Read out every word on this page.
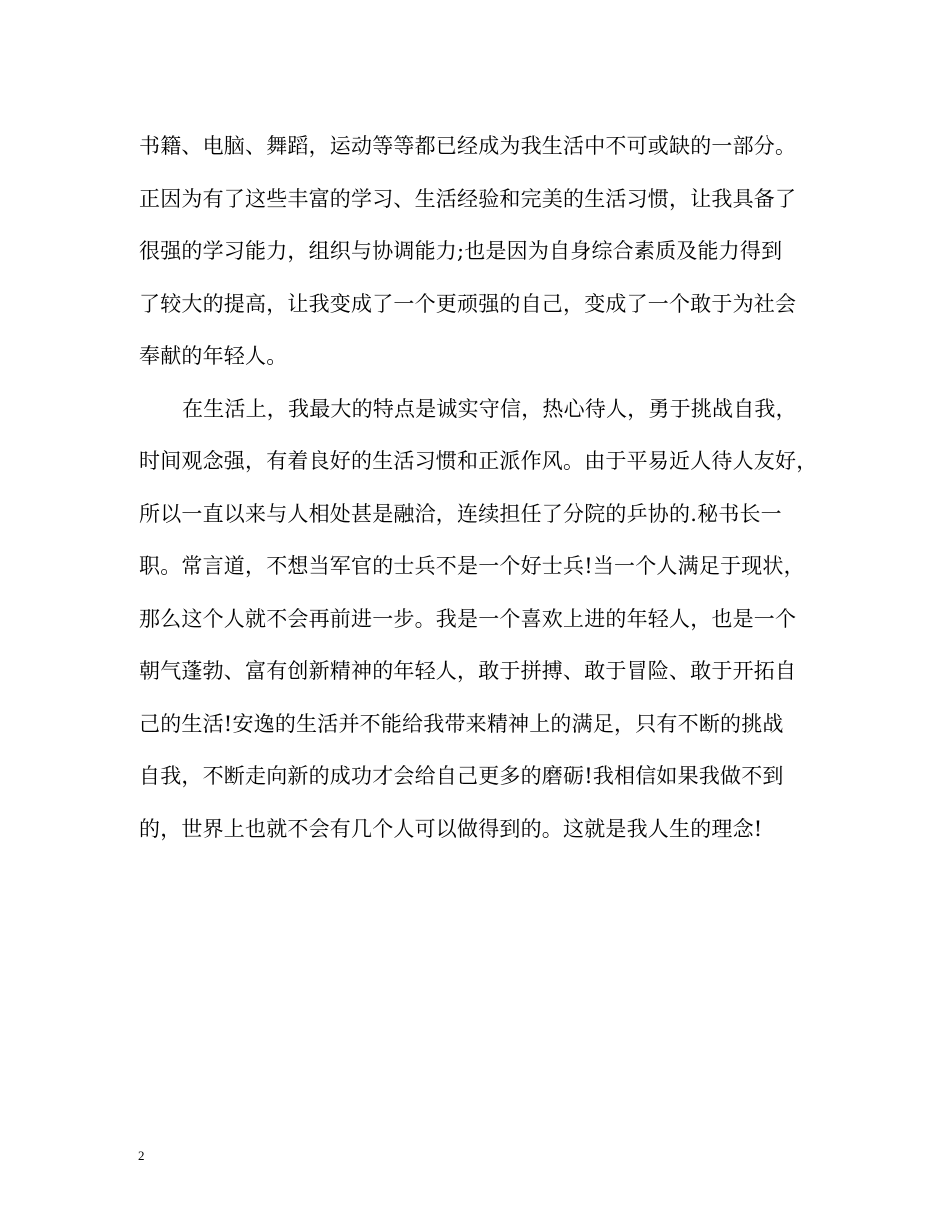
书籍、电脑、舞蹈，运动等等都已经成为我生活中不可或缺的一部分。
正因为有了这些丰富的学习、生活经验和完美的生活习惯，让我具备了
很强的学习能力，组织与协调能力;也是因为自身综合素质及能力得到
了较大的提高，让我变成了一个更顽强的自己，变成了一个敢于为社会
奉献的年轻人。
在生活上，我最大的特点是诚实守信，热心待人，勇于挑战自我，
时间观念强，有着良好的生活习惯和正派作风。由于平易近人待人友好，
所以一直以来与人相处甚是融洽，连续担任了分院的乒协的.秘书长一
职。常言道，不想当军官的士兵不是一个好士兵!当一个人满足于现状，
那么这个人就不会再前进一步。我是一个喜欢上进的年轻人，也是一个
朝气蓬勃、富有创新精神的年轻人，敢于拼搏、敢于冒险、敢于开拓自
己的生活!安逸的生活并不能给我带来精神上的满足，只有不断的挑战
自我，不断走向新的成功才会给自己更多的磨砺!我相信如果我做不到
的，世界上也就不会有几个人可以做得到的。这就是我人生的理念!
2
